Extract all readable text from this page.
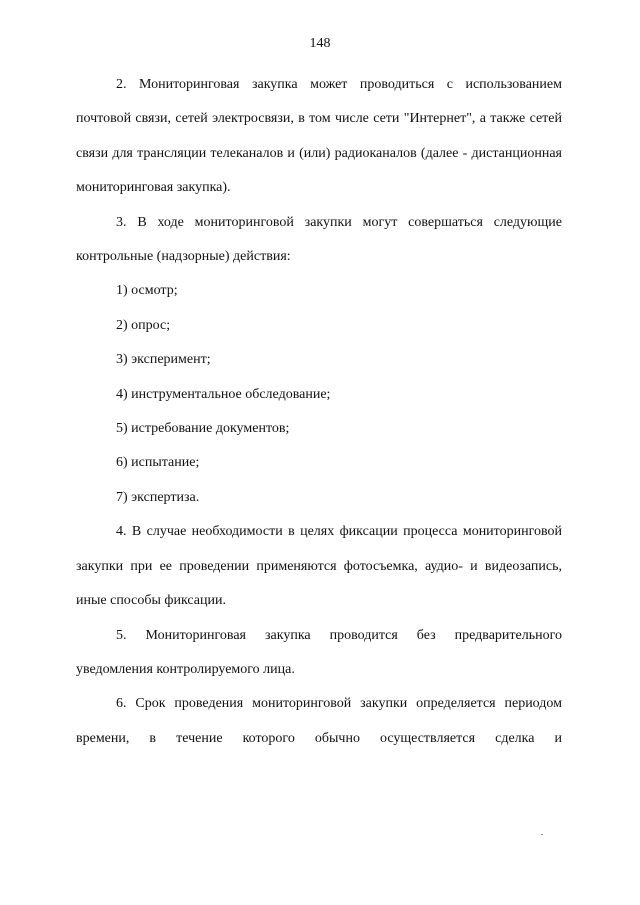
148

2. Мониторинговая закупка может проводиться с использованием почтовой связи, сетей электросвязи, в том числе сети "Интернет", а также сетей связи для трансляции телеканалов и (или) радиоканалов (далее - дистанционная мониторинговая закупка).

3. В ходе мониторинговой закупки могут совершаться следующие контрольные (надзорные) действия:

1) осмотр;

2) опрос;

3) эксперимент;

4) инструментальное обследование;

5) истребование документов;

6) испытание;

7) экспертиза.

4. В случае необходимости в целях фиксации процесса мониторинговой закупки при ее проведении применяются фотосъемка, аудио- и видеозапись, иные способы фиксации.

5. Мониторинговая закупка проводится без предварительного уведомления контролируемого лица.

6. Срок проведения мониторинговой закупки определяется периодом времени, в течение которого обычно осуществляется сделка и
